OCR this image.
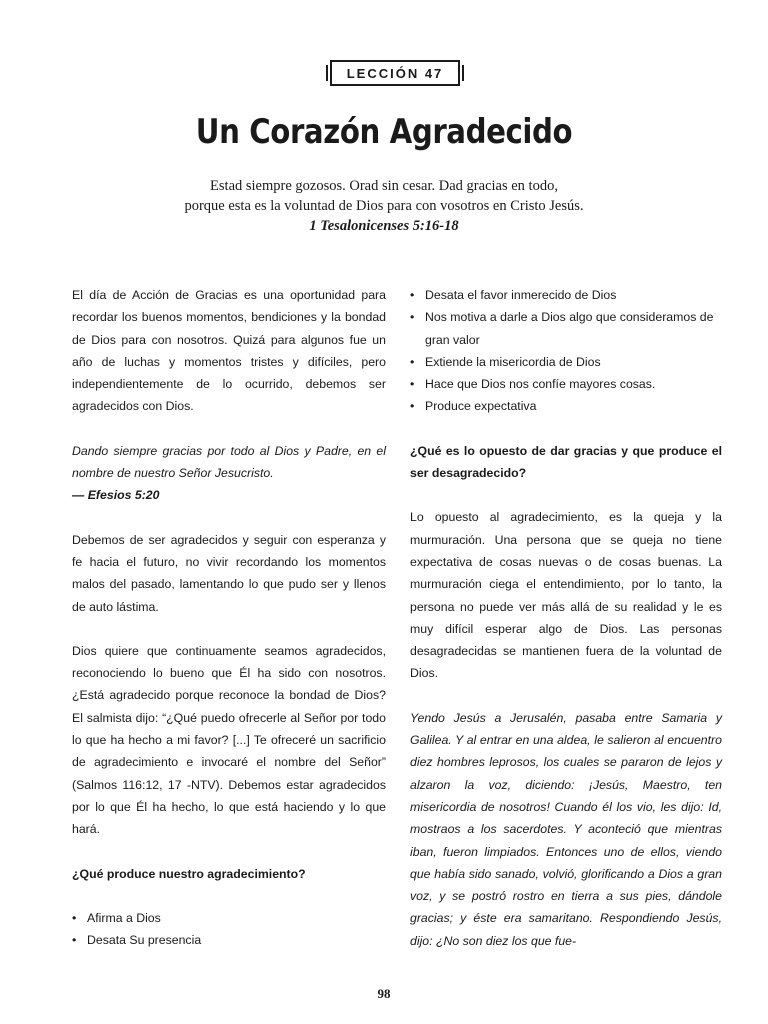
LECCIÓN 47
Un Corazón Agradecido
Estad siempre gozosos. Orad sin cesar. Dad gracias en todo,
porque esta es la voluntad de Dios para con vosotros en Cristo Jesús.
1 Tesalonicenses 5:16-18

El día de Acción de Gracias es una oportunidad para recordar los buenos momentos, bendiciones y la bondad de Dios para con nosotros. Quizá para algunos fue un año de luchas y momentos tristes y difíciles, pero independientemente de lo ocurrido, debemos ser agradecidos con Dios.

Dando siempre gracias por todo al Dios y Padre, en el nombre de nuestro Señor Jesucristo.

— Efesios 5:20

Debemos de ser agradecidos y seguir con esperanza y fe hacia el futuro, no vivir recordando los momentos malos del pasado, lamentando lo que pudo ser y llenos de auto lástima.

Dios quiere que continuamente seamos agradecidos, reconociendo lo bueno que Él ha sido con nosotros. ¿Está agradecido porque reconoce la bondad de Dios? El salmista dijo: “¿Qué puedo ofrecerle al Señor por todo lo que ha hecho a mi favor? [...] Te ofreceré un sacrificio de agradecimiento e invocaré el nombre del Señor” (Salmos 116:12, 17 -NTV). Debemos estar agradecidos por lo que Él ha hecho, lo que está haciendo y lo que hará.

¿Qué produce nuestro agradecimiento?

• Afirma a Dios
• Desata Su presencia
• Desata el favor inmerecido de Dios
• Nos motiva a darle a Dios algo que consideramos de gran valor
• Extiende la misericordia de Dios
• Hace que Dios nos confíe mayores cosas.
• Produce expectativa

¿Qué es lo opuesto de dar gracias y que produce el ser desagradecido?

Lo opuesto al agradecimiento, es la queja y la murmuración. Una persona que se queja no tiene expectativa de cosas nuevas o de cosas buenas. La murmuración ciega el entendimiento, por lo tanto, la persona no puede ver más allá de su realidad y le es muy difícil esperar algo de Dios. Las personas desagradecidas se mantienen fuera de la voluntad de Dios.

Yendo Jesús a Jerusalén, pasaba entre Samaria y Galilea. Y al entrar en una aldea, le salieron al encuentro diez hombres leprosos, los cuales se pararon de lejos y alzaron la voz, diciendo: ¡Jesús, Maestro, ten misericordia de nosotros! Cuando él los vio, les dijo: Id, mostraos a los sacerdotes. Y aconteció que mientras iban, fueron limpiados. Entonces uno de ellos, viendo que había sido sanado, volvió, glorificando a Dios a gran voz, y se postró rostro en tierra a sus pies, dándole gracias; y éste era samaritano. Respondiendo Jesús, dijo: ¿No son diez los que fue-

98
